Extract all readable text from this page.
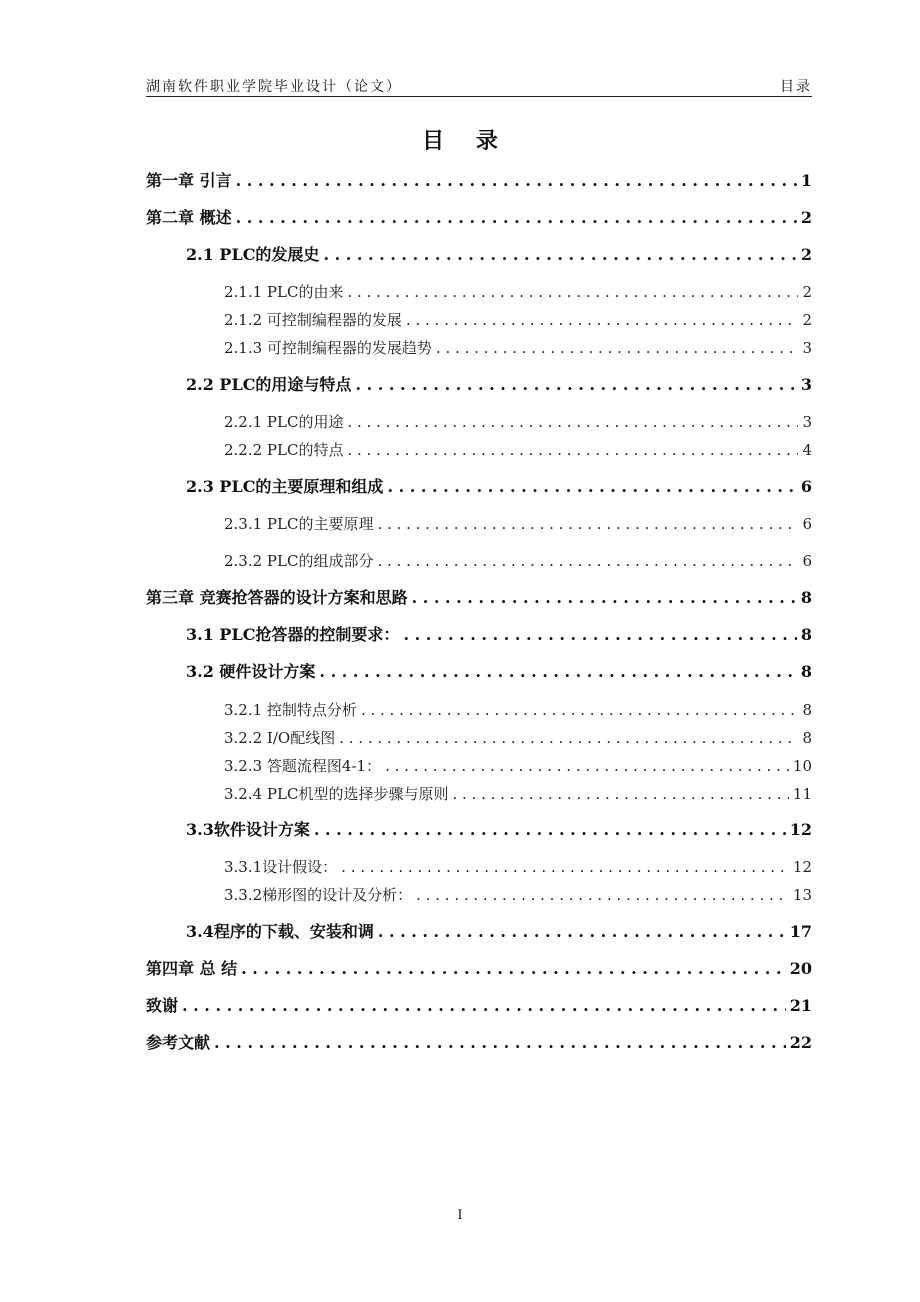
湖南软件职业学院毕业设计（论文）	目录
目 录
第一章 引言 . . .	1
第二章 概述 . . .	2
2.1 PLC的发展史 . . .	2
2.1.1 PLC的由来 . . .	2
2.1.2 可控制编程器的发展 . . .	2
2.1.3 可控制编程器的发展趋势 . . .	3
2.2 PLC的用途与特点 . . .	3
2.2.1 PLC的用途 . . .	3
2.2.2 PLC的特点 . . .	4
2.3 PLC的主要原理和组成 . . .	6
2.3.1 PLC的主要原理 . . .	6
2.3.2 PLC的组成部分 . . .	6
第三章 竞赛抢答器的设计方案和思路 . . .	8
3.1 PLC抢答器的控制要求： . . .	8
3.2 硬件设计方案 . . .	8
3.2.1 控制特点分析 . . .	8
3.2.2 I/O配线图 . . .	8
3.2.3 答题流程图4-1： . . .	10
3.2.4 PLC机型的选择步骤与原则 . . .	11
3.3软件设计方案 . . .	12
3.3.1设计假设： . . .	12
3.3.2梯形图的设计及分析： . . .	13
3.4程序的下载、安装和调 . . .	17
第四章 总 结 . . .	20
致谢 . . .	21
参考文献 . . .	22
I
